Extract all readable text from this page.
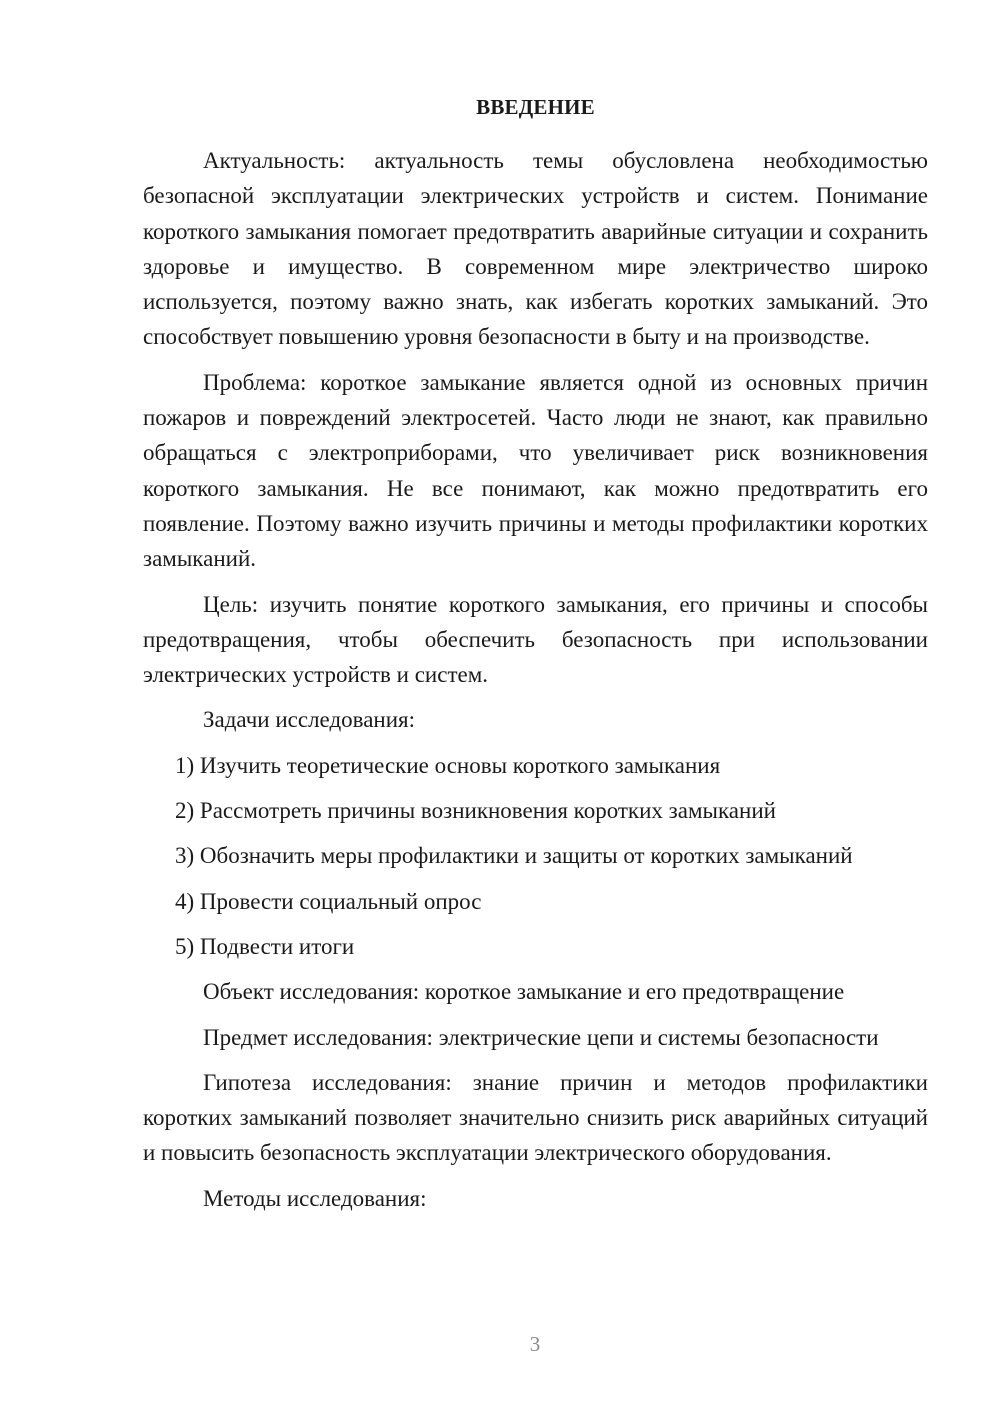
ВВЕДЕНИЕ

Актуальность: актуальность темы обусловлена необходимостью безопасной эксплуатации электрических устройств и систем. Понимание короткого замыкания помогает предотвратить аварийные ситуации и сохранить здоровье и имущество. В современном мире электричество широко используется, поэтому важно знать, как избегать коротких замыканий. Это способствует повышению уровня безопасности в быту и на производстве.

Проблема: короткое замыкание является одной из основных причин пожаров и повреждений электросетей. Часто люди не знают, как правильно обращаться с электроприборами, что увеличивает риск возникновения короткого замыкания. Не все понимают, как можно предотвратить его появление. Поэтому важно изучить причины и методы профилактики коротких замыканий.

Цель: изучить понятие короткого замыкания, его причины и способы предотвращения, чтобы обеспечить безопасность при использовании электрических устройств и систем.

Задачи исследования:

1) Изучить теоретические основы короткого замыкания

2) Рассмотреть причины возникновения коротких замыканий

3) Обозначить меры профилактики и защиты от коротких замыканий

4) Провести социальный опрос

5) Подвести итоги

Объект исследования: короткое замыкание и его предотвращение

Предмет исследования: электрические цепи и системы безопасности

Гипотеза исследования: знание причин и методов профилактики коротких замыканий позволяет значительно снизить риск аварийных ситуаций и повысить безопасность эксплуатации электрического оборудования.

Методы исследования:

3
